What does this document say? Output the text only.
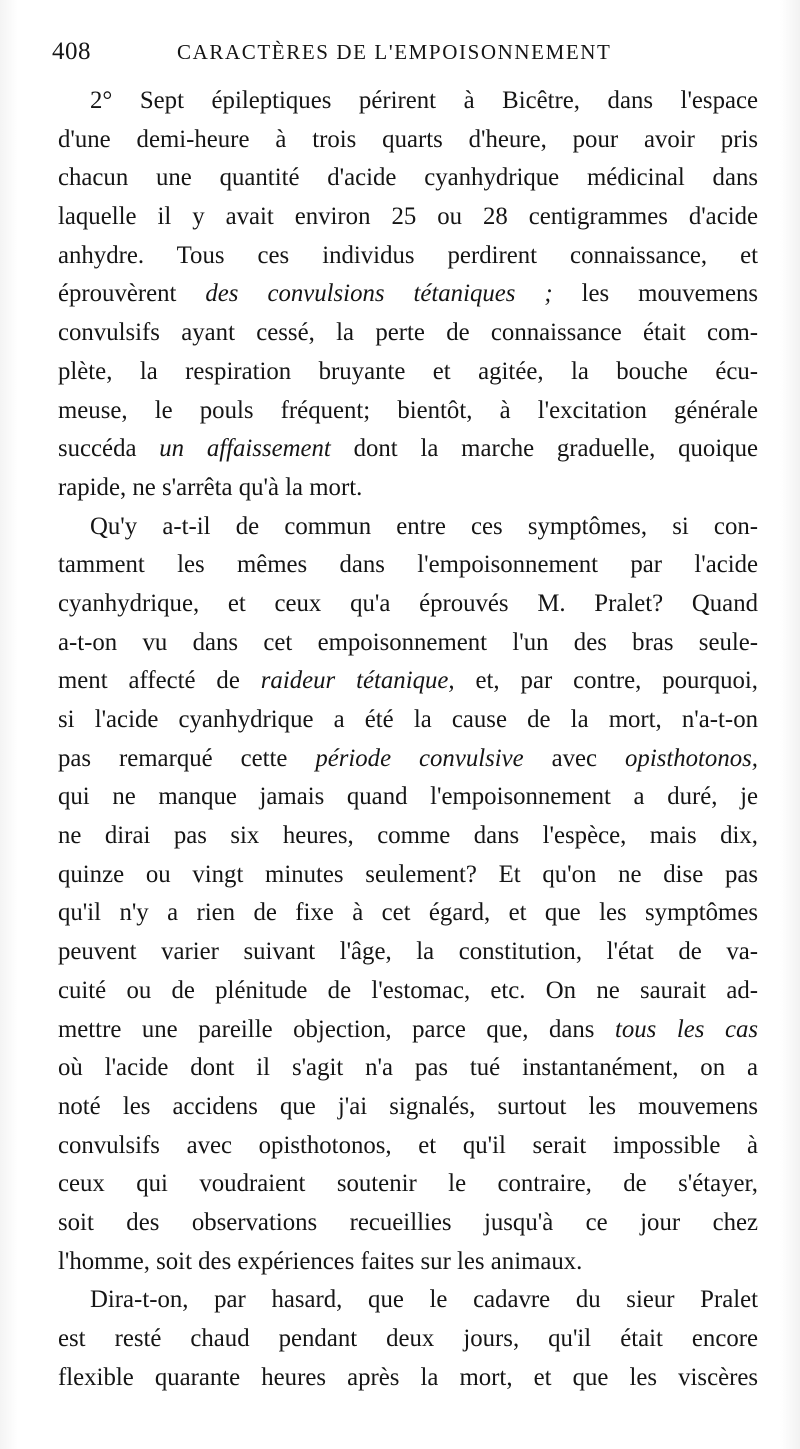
408	CARACTÈRES DE L'EMPOISONNEMENT
2° Sept épileptiques périrent à Bicêtre, dans l'espace
d'une demi-heure à trois quarts d'heure, pour avoir pris
chacun une quantité d'acide cyanhydrique médicinal dans
laquelle il y avait environ 25 ou 28 centigrammes d'acide
anhydre. Tous ces individus perdirent connaissance, et
éprouvèrent des convulsions tétaniques ; les mouvemens
convulsifs ayant cessé, la perte de connaissance était com-
plète, la respiration bruyante et agitée, la bouche écu-
meuse, le pouls fréquent; bientôt, à l'excitation générale
succéda un affaissement dont la marche graduelle, quoique
rapide, ne s'arrêta qu'à la mort.
Qu'y a-t-il de commun entre ces symptômes, si con-
tamment les mêmes dans l'empoisonnement par l'acide
cyanhydrique, et ceux qu'a éprouvés M. Pralet? Quand
a-t-on vu dans cet empoisonnement l'un des bras seule-
ment affecté de raideur tétanique, et, par contre, pourquoi,
si l'acide cyanhydrique a été la cause de la mort, n'a-t-on
pas remarqué cette période convulsive avec opisthotonos,
qui ne manque jamais quand l'empoisonnement a duré, je
ne dirai pas six heures, comme dans l'espèce, mais dix,
quinze ou vingt minutes seulement? Et qu'on ne dise pas
qu'il n'y a rien de fixe à cet égard, et que les symptômes
peuvent varier suivant l'âge, la constitution, l'état de va-
cuité ou de plénitude de l'estomac, etc. On ne saurait ad-
mettre une pareille objection, parce que, dans tous les cas
où l'acide dont il s'agit n'a pas tué instantanément, on a
noté les accidens que j'ai signalés, surtout les mouvemens
convulsifs avec opisthotonos, et qu'il serait impossible à
ceux qui voudraient soutenir le contraire, de s'étayer,
soit des observations recueillies jusqu'à ce jour chez
l'homme, soit des expériences faites sur les animaux.
Dira-t-on, par hasard, que le cadavre du sieur Pralet
est resté chaud pendant deux jours, qu'il était encore
flexible quarante heures après la mort, et que les viscères
